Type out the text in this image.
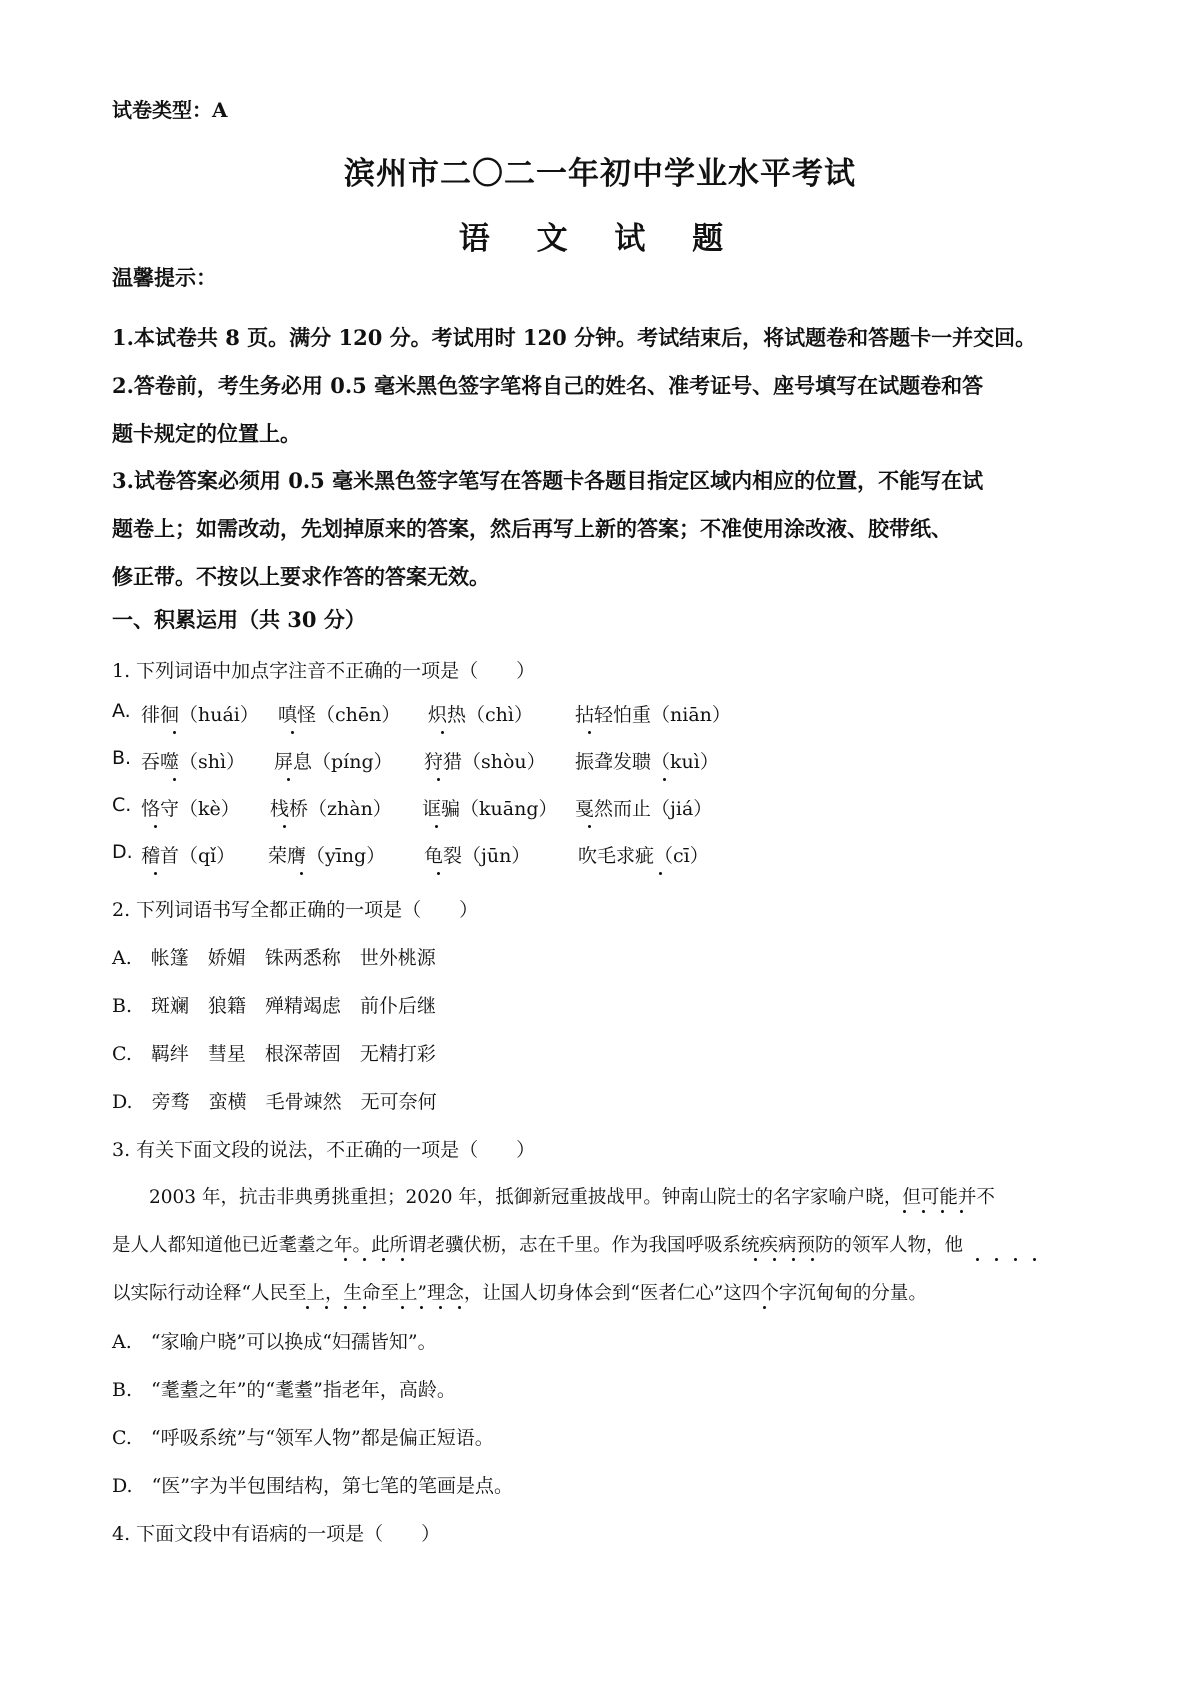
试卷类型：A
滨州市二〇二一年初中学业水平考试
语 文 试 题
温馨提示：
1.本试卷共 8 页。满分 120 分。考试用时 120 分钟。考试结束后，将试题卷和答题卡一并交回。
2.答卷前，考生务必用 0.5 毫米黑色签字笔将自己的姓名、准考证号、座号填写在试题卷和答
题卡规定的位置上。
3.试卷答案必须用 0.5 毫米黑色签字笔写在答题卡各题目指定区域内相应的位置，不能写在试
题卷上；如需改动，先划掉原来的答案，然后再写上新的答案；不准使用涂改液、胶带纸、
修正带。不按以上要求作答的答案无效。
一、积累运用（共 30 分）
1. 下列词语中加点字注音不正确的一项是（　　）
A. 徘徊（huái） 嗔怪（chēn） 炽热（chì） 拈轻怕重（niān）
B. 吞噬（shì） 屏息（píng） 狩猎（shòu） 振聋发聩（kuì）
C. 恪守（kè） 栈桥（zhàn） 诓骗（kuāng） 戛然而止（jiá）
D. 稽首（qǐ） 荣膺（yīng） 龟裂（jūn）	吹毛求疵（cī）
2. 下列词语书写全都正确的一项是（　　）
A.　帐篷　娇媚　铢两悉称　世外桃源
B.　斑斓　狼籍　殚精竭虑　前仆后继
C.　羁绊　彗星　根深蒂固　无精打彩
D.　旁骛　蛮横　毛骨竦然　无可奈何
3. 有关下面文段的说法，不正确的一项是（　　）
　　2003 年，抗击非典勇挑重担；2020 年，抵御新冠重披战甲。钟南山院士的名字家喻户晓，但可能并不
是人人都知道他已近耄耋之年。此所谓老骥伏枥，志在千里。作为我国呼吸系统疾病预防的领军人物，他
以实际行动诠释“人民至上，生命至上”理念，让国人切身体会到“医者仁心”这四个字沉甸甸的分量。
A.　“家喻户晓”可以换成“妇孺皆知”。
B.　“耄耋之年”的“耄耋”指老年，高龄。
C.　“呼吸系统”与“领军人物”都是偏正短语。
D.　“医”字为半包围结构，第七笔的笔画是点。
4. 下面文段中有语病的一项是（　　）
